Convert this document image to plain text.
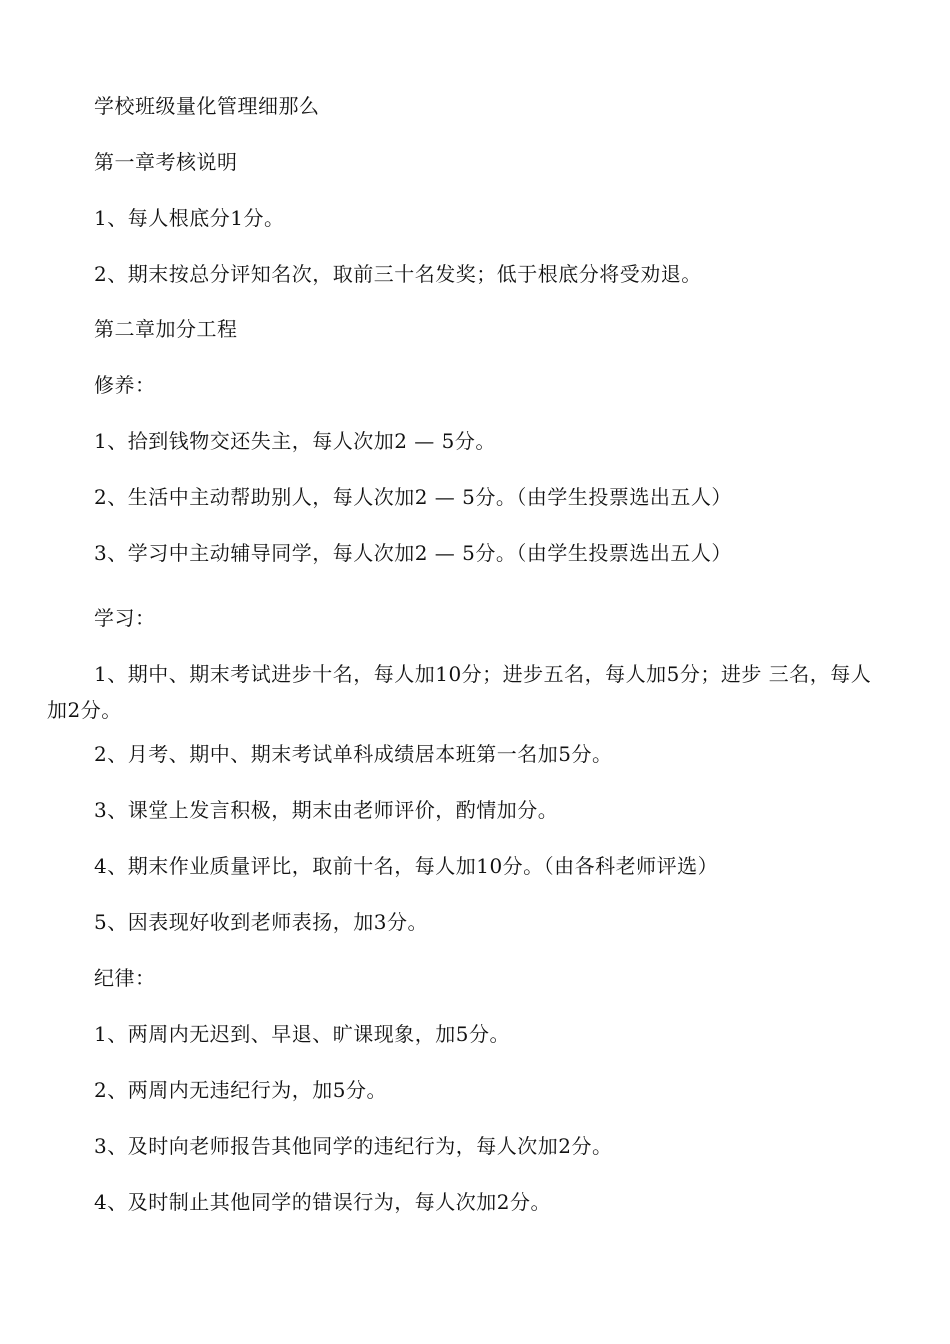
学校班级量化管理细那么

第一章考核说明

1、每人根底分1分。

2、期末按总分评知名次，取前三十名发奖；低于根底分将受劝退。

第二章加分工程

修养：

1、拾到钱物交还失主，每人次加2 — 5分。

2、生活中主动帮助别人，每人次加2 — 5分。（由学生投票选出五人）

3、学习中主动辅导同学，每人次加2 — 5分。（由学生投票选出五人）

学习：

1、期中、期末考试进步十名，每人加10分；进步五名，每人加5分；进步 三名，每人加2分。

2、月考、期中、期末考试单科成绩居本班第一名加5分。

3、课堂上发言积极，期末由老师评价，酌情加分。

4、期末作业质量评比，取前十名，每人加10分。（由各科老师评选）

5、因表现好收到老师表扬，加3分。

纪律：

1、两周内无迟到、早退、旷课现象，加5分。

2、两周内无违纪行为，加5分。

3、及时向老师报告其他同学的违纪行为，每人次加2分。

4、及时制止其他同学的错误行为，每人次加2分。
